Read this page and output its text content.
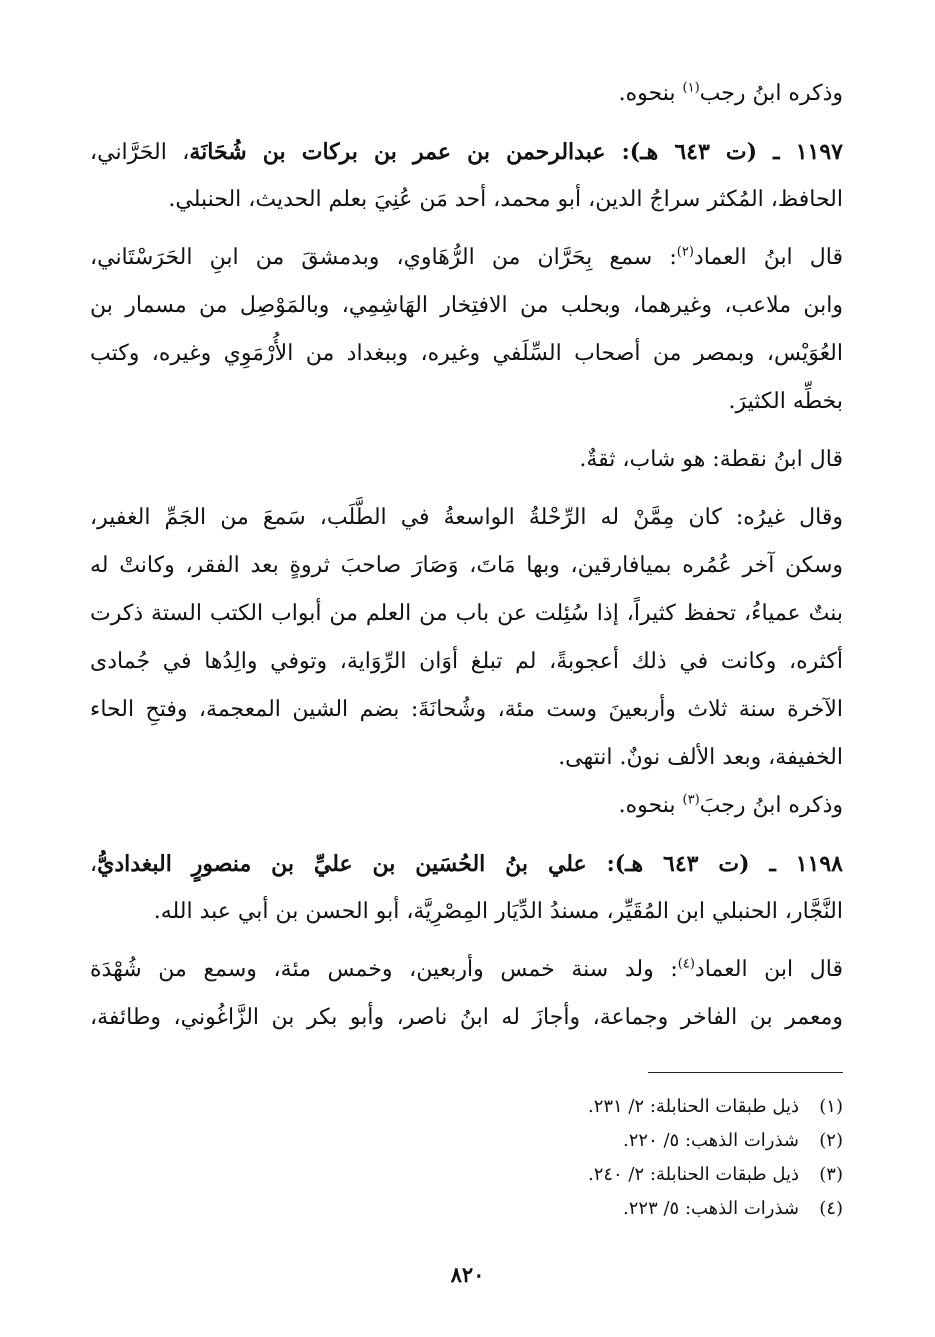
وذكره ابنُ رجب$^{(١)}$ بنحوه.
١١٩٧ ـ (ت ٦٤٣ هـ): عبدالرحمن بن عمر بن بركات بن شُحَانَة، الحَرَّاني،
الحافظ، المُكثر سراجُ الدين، أبو محمد، أحد مَن عُنِيَ بعلم الحديث، الحنبلي.
قال ابنُ العماد$^{(٢)}$: سمع بِحَرَّان من الرُّهَاوي، وبدمشقَ من ابنِ الحَرَسْتَاني،
وابن ملاعب، وغيرهما، وبحلب من الافتِخار الهَاشِمِي، وبالمَوْصِل من مسمار بن
العُوَيْس، وبمصر من أصحاب السِّلَفي وغيره، وببغداد من الأُرْمَوِي وغيره، وكتب
بخطِّه الكثيرَ.
قال ابنُ نقطة: هو شاب، ثقةٌ.
وقال غيرُه: كان مِمَّنْ له الرِّحْلةُ الواسعةُ في الطَّلَب، سَمعَ من الجَمِّ الغفير،
وسكن آخر عُمُره بميافارقين، وبها مَاتَ، وَصَارَ صاحبَ ثروةٍ بعد الفقر، وكانتْ له
بنتٌ عمياءُ، تحفظ كثيراً، إذا سُئِلت عن باب من العلم من أبواب الكتب الستة ذكرت
أكثره، وكانت في ذلك أعجوبةً، لم تبلغ أوَان الرِّوَاية، وتوفي والِدُها في جُمادى
الآخرة سنة ثلاث وأربعينَ وست مئة، وشُحانَةَ: بضم الشين المعجمة، وفتحِ الحاء
الخفيفة، وبعد الألف نونٌ. انتهى.
وذكره ابنُ رجبَ$^{(٣)}$ بنحوه.
١١٩٨ ـ (ت ٦٤٣ هـ): علي بنُ الحُسَين بن عليِّ بن منصورٍ البغداديُّ،
النَّجَّار، الحنبلي ابن المُقَيِّر، مسندُ الدِّيَار المِصْرِيَّة، أبو الحسن بن أبي عبد الله.
قال ابن العماد$^{(٤)}$: ولد سنة خمس وأربعين، وخمس مئة، وسمع من شُهْدَة
ومعمر بن الفاخر وجماعة، وأجازَ له ابنُ ناصر، وأبو بكر بن الزَّاغُوني، وطائفة،
(١)
ذيل طبقات الحنابلة: ٢/ ٢٣١.
(٢)
شذرات الذهب: ٥/ ٢٢٠.
(٣)
ذيل طبقات الحنابلة: ٢/ ٢٤٠.
(٤)
شذرات الذهب: ٥/ ٢٢٣.
٨٢٠
